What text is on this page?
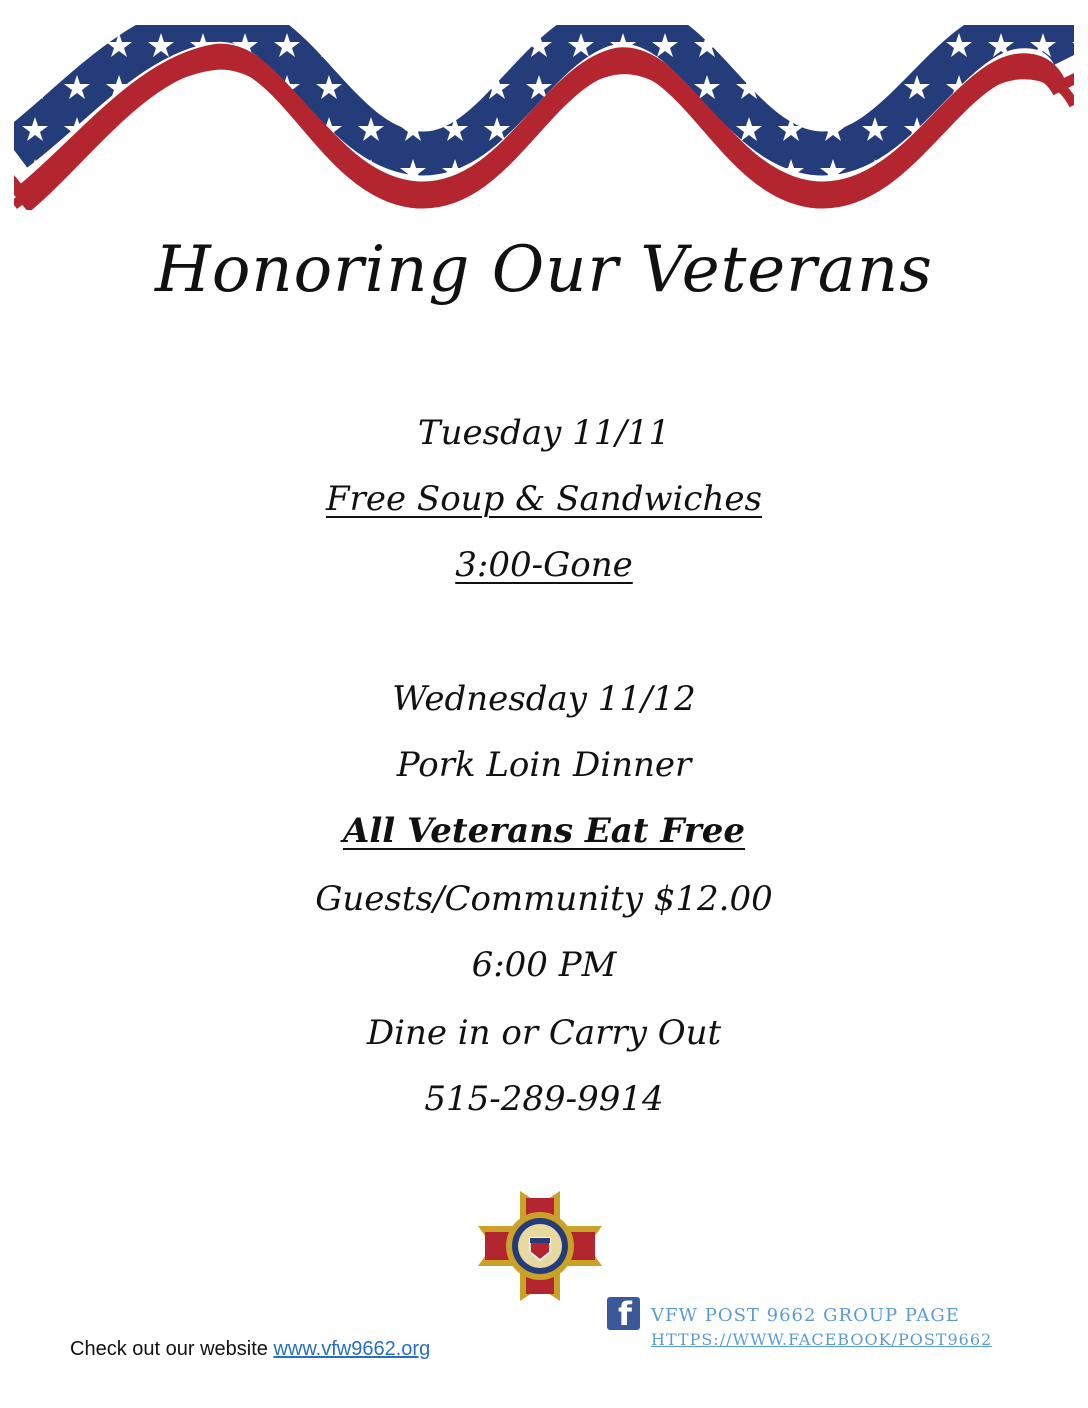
Honoring Our Veterans
Tuesday 11/11
Free Soup & Sandwiches
3:00-Gone
Wednesday 11/12
Pork Loin Dinner
All Veterans Eat Free
Guests/Community $12.00
6:00 PM
Dine in or Carry Out
515-289-9914
Check out our website www.vfw9662.org
f VFW POST 9662 GROUP PAGE
HTTPS://WWW.FACEBOOK/POST9662
